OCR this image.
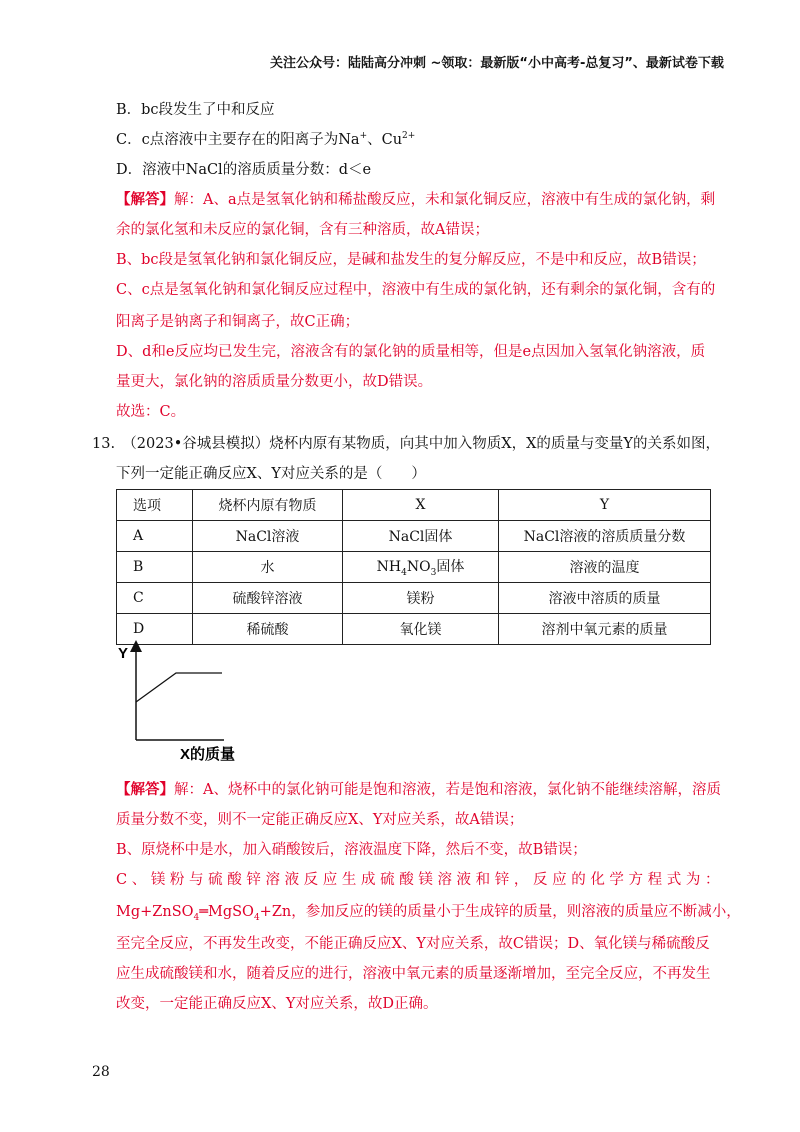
关注公众号：陆陆高分冲刺 ~领取：最新版“小中高考-总复习”、最新试卷下载
B．bc段发生了中和反应
C．c点溶液中主要存在的阳离子为Na+、$Cu^{2+}$
D．溶液中NaCl的溶质质量分数：d＜e
【解答】解：A、a点是氢氧化钠和稀盐酸反应，未和氯化铜反应，溶液中有生成的氯化钠，剩
余的氯化氢和未反应的氯化铜，含有三种溶质，故A错误；
B、bc段是氢氧化钠和氯化铜反应，是碱和盐发生的复分解反应，不是中和反应，故B错误；
C、c点是氢氧化钠和氯化铜反应过程中，溶液中有生成的氯化钠，还有剩余的氯化铜，含有的
阳离子是钠离子和铜离子，故C正确；
D、d和e反应均已发生完，溶液含有的氯化钠的质量相等，但是e点因加入氢氧化钠溶液，质
量更大，氯化钠的溶质质量分数更小，故D错误。
故选：C。
13.　（2023•谷城县模拟）烧杯内原有某物质，向其中加入物质X，X的质量与变量Y的关系如图，
下列一定能正确反应X、Y对应关系的是（　　）
选项	烧杯内原有物质	X	Y
A	NaCl溶液	NaCl固体	NaCl溶液的溶质质量分数
B	水	$NH_4NO_3$固体	溶液的温度
C	硫酸锌溶液	镁粉	溶液中溶质的质量
D	稀硫酸	氧化镁	溶剂中氧元素的质量
Y
X的质量
【解答】解：A、烧杯中的氯化钠可能是饱和溶液，若是饱和溶液，氯化钠不能继续溶解，溶质
质量分数不变，则不一定能正确反应X、Y对应关系，故A错误；
B、原烧杯中是水，加入硝酸铵后，溶液温度下降，然后不变，故B错误；
C 、 镁 粉 与 硫 酸 锌 溶 液 反 应 生 成 硫 酸 镁 溶 液 和 锌 ， 反 应 的 化 学 方 程 式 为 ：
Mg+ZnSO$_4$═MgSO$_4$+Zn，参加反应的镁的质量小于生成锌的质量，则溶液的质量应不断减小，
至完全反应，不再发生改变，不能正确反应X、Y对应关系，故C错误；D、氧化镁与稀硫酸反
应生成硫酸镁和水，随着反应的进行，溶液中氧元素的质量逐渐增加，至完全反应，不再发生
改变，一定能正确反应X、Y对应关系，故D正确。
28
